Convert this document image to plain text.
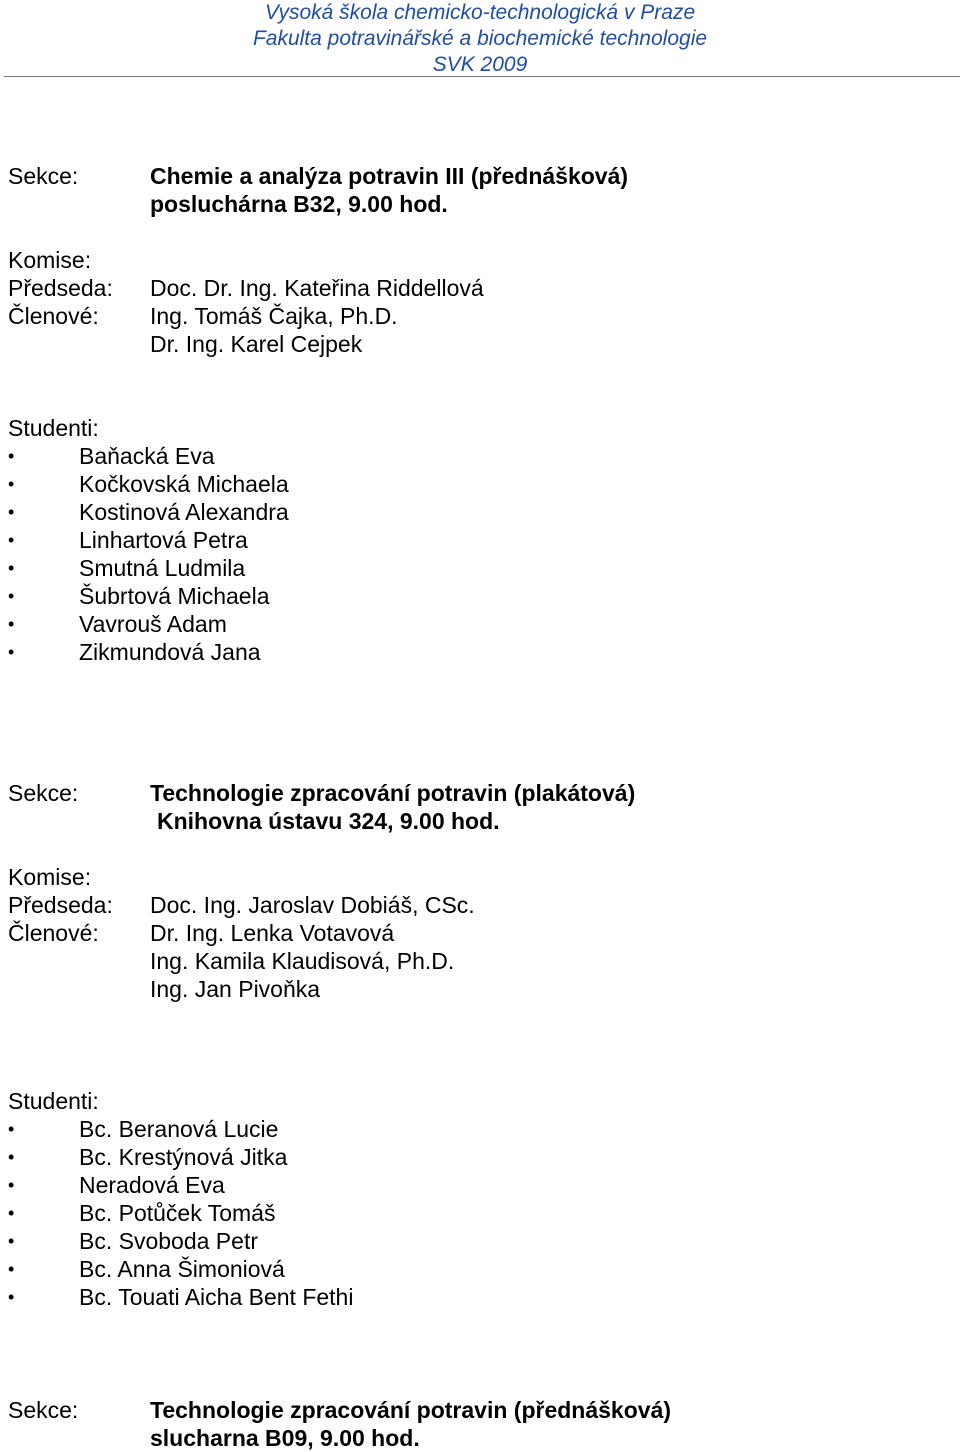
Vysoká škola chemicko-technologická v Praze
Fakulta potravinářské a biochemické technologie
SVK 2009
Sekce:	Chemie a analýza potravin III (přednášková)
posluchárna B32, 9.00 hod.
Komise:
Předseda: Doc. Dr. Ing. Kateřina Riddellová
Členové: Ing. Tomáš Čajka, Ph.D.
Dr. Ing. Karel Cejpek
Studenti:
•
Baňacká Eva
•
Kočkovská Michaela
•
Kostinová Alexandra
•
Linhartová Petra
•
Smutná Ludmila
•
Šubrtová Michaela
•
Vavrouš Adam
•
Zikmundová Jana
Sekce:	Technologie zpracování potravin (plakátová)
Knihovna ústavu 324, 9.00 hod.
Komise:
Předseda: Doc. Ing. Jaroslav Dobiáš, CSc.
Členové: Dr. Ing. Lenka Votavová
Ing. Kamila Klaudisová, Ph.D.
Ing. Jan Pivoňka
Studenti:
•
Bc. Beranová Lucie
•
Bc. Krestýnová Jitka
•
Neradová Eva
•
Bc. Potůček Tomáš
•
Bc. Svoboda Petr
•
Bc. Anna Šimoniová
•
Bc. Touati Aicha Bent Fethi
Sekce:	Technologie zpracování potravin (přednášková)
slucharna B09, 9.00 hod.
